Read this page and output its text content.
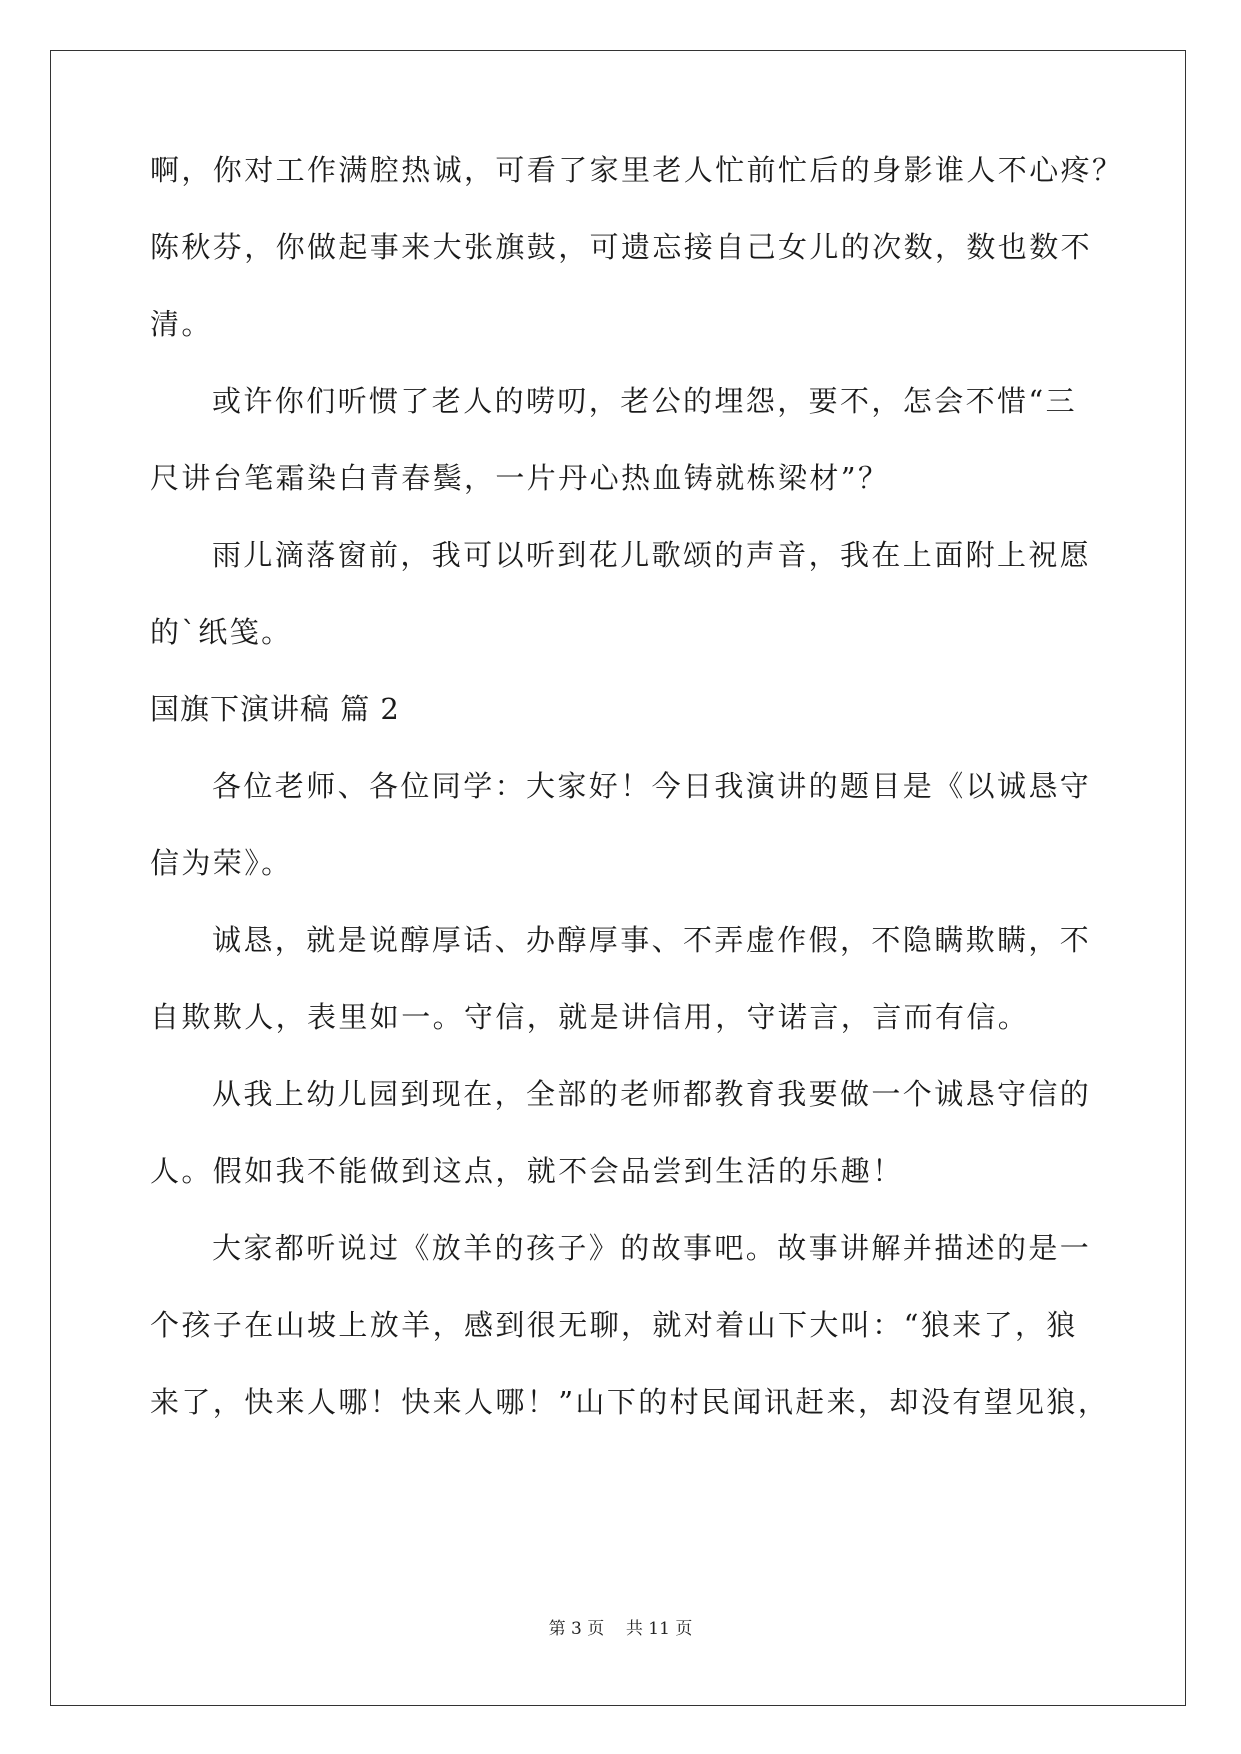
啊，你对工作满腔热诚，可看了家里老人忙前忙后的身影谁人不心疼？
陈秋芬，你做起事来大张旗鼓，可遗忘接自己女儿的次数，数也数不
清。
或许你们听惯了老人的唠叨，老公的埋怨，要不，怎会不惜“三
尺讲台笔霜染白青春鬓，一片丹心热血铸就栋梁材”？
雨儿滴落窗前，我可以听到花儿歌颂的声音，我在上面附上祝愿
的`纸笺。
国旗下演讲稿 篇 2
各位老师、各位同学：大家好！今日我演讲的题目是《以诚恳守
信为荣》。
诚恳，就是说醇厚话、办醇厚事、不弄虚作假，不隐瞒欺瞒，不
自欺欺人，表里如一。守信，就是讲信用，守诺言，言而有信。
从我上幼儿园到现在，全部的老师都教育我要做一个诚恳守信的
人。假如我不能做到这点，就不会品尝到生活的乐趣！
大家都听说过《放羊的孩子》的故事吧。故事讲解并描述的是一
个孩子在山坡上放羊，感到很无聊，就对着山下大叫：“狼来了，狼
来了，快来人哪！快来人哪！”山下的村民闻讯赶来，却没有望见狼，
第 3 页 共 11 页
